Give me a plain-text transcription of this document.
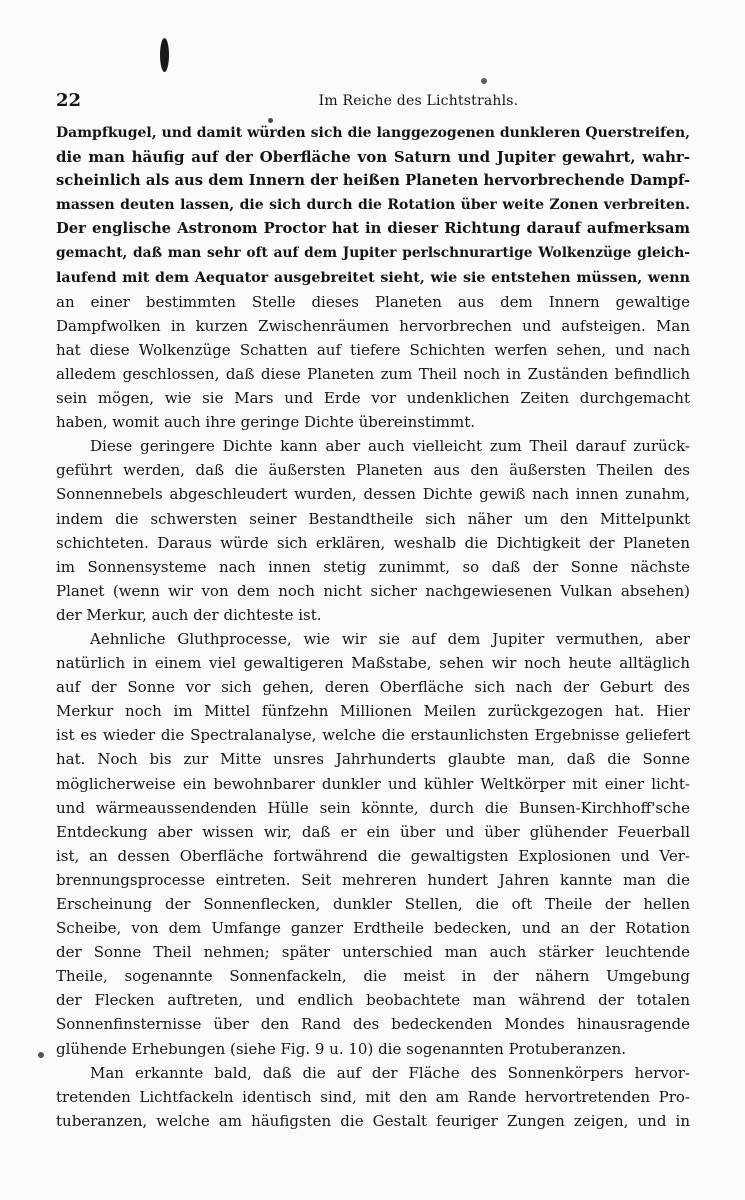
22	Im Reiche des Lichtstrahls.
Dampfkugel, und damit würden sich die langgezogenen dunkleren Querstreifen,
die man häufig auf der Oberfläche von Saturn und Jupiter gewahrt, wahr-
scheinlich als aus dem Innern der heißen Planeten hervorbrechende Dampf-
massen deuten lassen, die sich durch die Rotation über weite Zonen verbreiten.
Der englische Astronom Proctor hat in dieser Richtung darauf aufmerksam
gemacht, daß man sehr oft auf dem Jupiter perlschnurartige Wolkenzüge gleich-
laufend mit dem Aequator ausgebreitet sieht, wie sie entstehen müssen, wenn
an einer bestimmten Stelle dieses Planeten aus dem Innern gewaltige
Dampfwolken in kurzen Zwischenräumen hervorbrechen und aufsteigen. Man
hat diese Wolkenzüge Schatten auf tiefere Schichten werfen sehen, und nach
alledem geschlossen, daß diese Planeten zum Theil noch in Zuständen befindlich
sein mögen, wie sie Mars und Erde vor undenklichen Zeiten durchgemacht
haben, womit auch ihre geringe Dichte übereinstimmt.
Diese geringere Dichte kann aber auch vielleicht zum Theil darauf zurück-
geführt werden, daß die äußersten Planeten aus den äußersten Theilen des
Sonnennebels abgeschleudert wurden, dessen Dichte gewiß nach innen zunahm,
indem die schwersten seiner Bestandtheile sich näher um den Mittelpunkt
schichteten. Daraus würde sich erklären, weshalb die Dichtigkeit der Planeten
im Sonnensysteme nach innen stetig zunimmt, so daß der Sonne nächste
Planet (wenn wir von dem noch nicht sicher nachgewiesenen Vulkan absehen)
der Merkur, auch der dichteste ist.
Aehnliche Gluthprocesse, wie wir sie auf dem Jupiter vermuthen, aber
natürlich in einem viel gewaltigeren Maßstabe, sehen wir noch heute alltäglich
auf der Sonne vor sich gehen, deren Oberfläche sich nach der Geburt des
Merkur noch im Mittel fünfzehn Millionen Meilen zurückgezogen hat. Hier
ist es wieder die Spectralanalyse, welche die erstaunlichsten Ergebnisse geliefert
hat. Noch bis zur Mitte unsres Jahrhunderts glaubte man, daß die Sonne
möglicherweise ein bewohnbarer dunkler und kühler Weltkörper mit einer licht-
und wärmeaussendenden Hülle sein könnte, durch die Bunsen-Kirchhoff'sche
Entdeckung aber wissen wir, daß er ein über und über glühender Feuerball
ist, an dessen Oberfläche fortwährend die gewaltigsten Explosionen und Ver-
brennungsprocesse eintreten. Seit mehreren hundert Jahren kannte man die
Erscheinung der Sonnenflecken, dunkler Stellen, die oft Theile der hellen
Scheibe, von dem Umfange ganzer Erdtheile bedecken, und an der Rotation
der Sonne Theil nehmen; später unterschied man auch stärker leuchtende
Theile, sogenannte Sonnenfackeln, die meist in der nähern Umgebung
der Flecken auftreten, und endlich beobachtete man während der totalen
Sonnenfinsternisse über den Rand des bedeckenden Mondes hinausragende
glühende Erhebungen (siehe Fig. 9 u. 10) die sogenannten Protuberanzen.
Man erkannte bald, daß die auf der Fläche des Sonnenkörpers hervor-
tretenden Lichtfackeln identisch sind, mit den am Rande hervortretenden Pro-
tuberanzen, welche am häufigsten die Gestalt feuriger Zungen zeigen, und in
